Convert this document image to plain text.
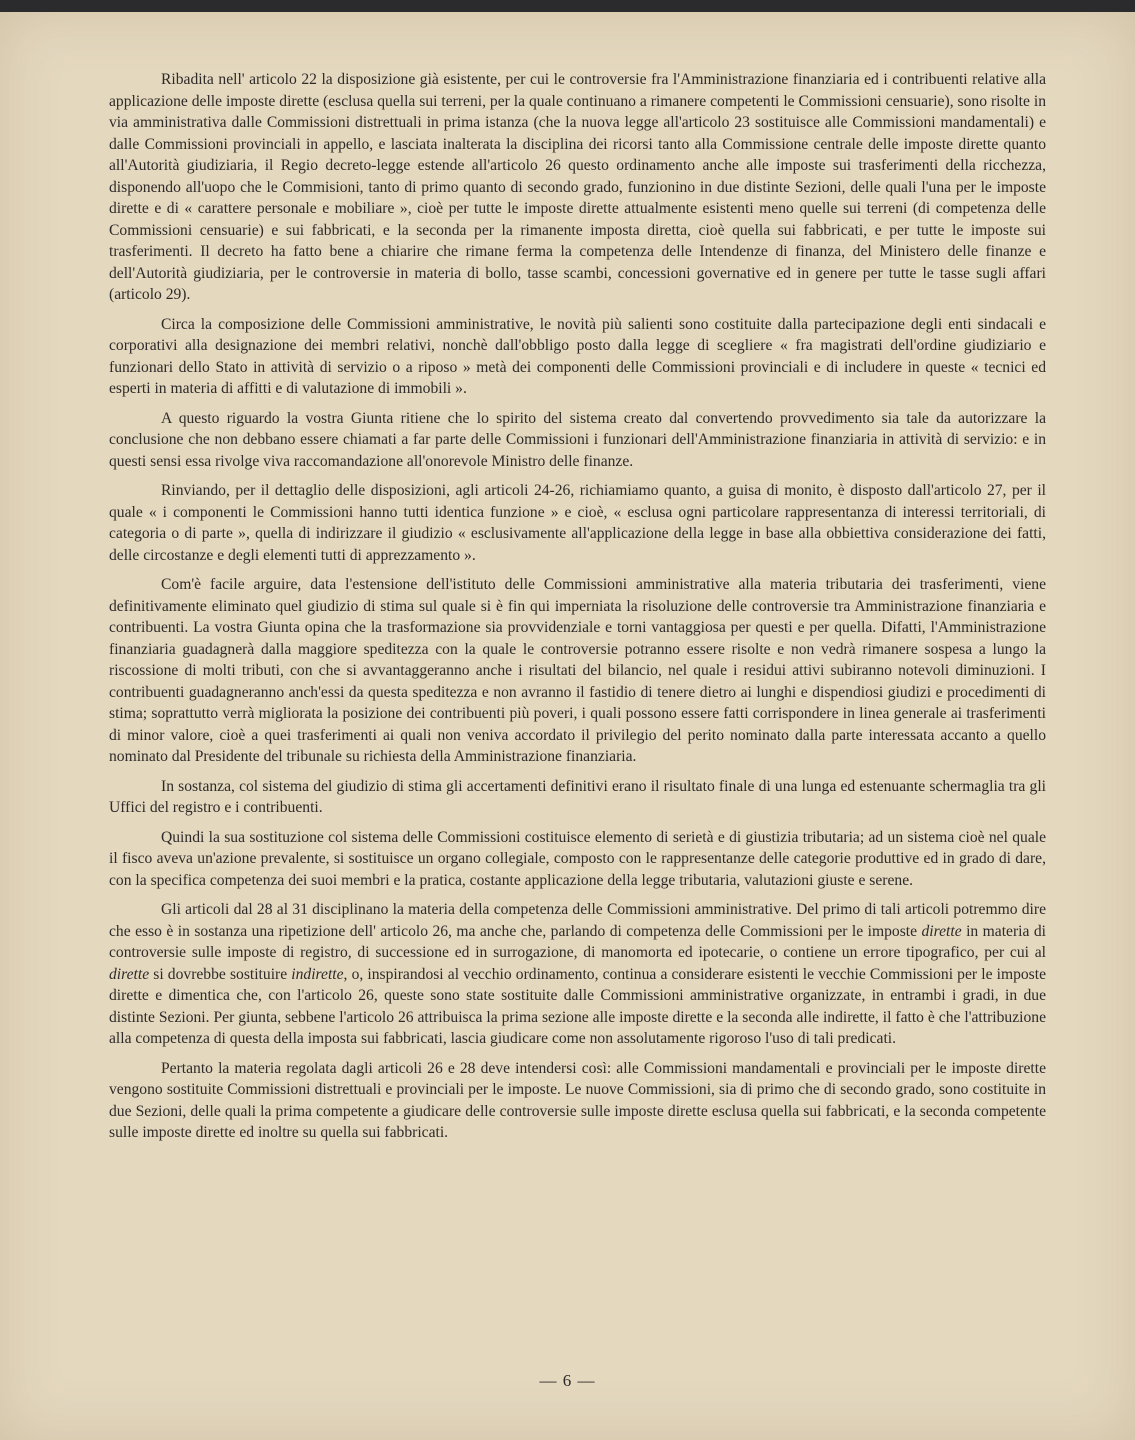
Ribadita nell' articolo 22 la disposizione già esistente, per cui le controversie fra l'Amministrazione finanziaria ed i contribuenti relative alla applicazione delle imposte dirette (esclusa quella sui terreni, per la quale continuano a rimanere competenti le Commissioni censuarie), sono risolte in via amministrativa dalle Commissioni distrettuali in prima istanza (che la nuova legge all'articolo 23 sostituisce alle Commissioni mandamentali) e dalle Commissioni provinciali in appello, e lasciata inalterata la disciplina dei ricorsi tanto alla Commissione centrale delle imposte dirette quanto all'Autorità giudiziaria, il Regio decreto-legge estende all'articolo 26 questo ordinamento anche alle imposte sui trasferimenti della ricchezza, disponendo all'uopo che le Commisioni, tanto di primo quanto di secondo grado, funzionino in due distinte Sezioni, delle quali l'una per le imposte dirette e di « carattere personale e mobiliare », cioè per tutte le imposte dirette attualmente esistenti meno quelle sui terreni (di competenza delle Commissioni censuarie) e sui fabbricati, e la seconda per la rimanente imposta diretta, cioè quella sui fabbricati, e per tutte le imposte sui trasferimenti. Il decreto ha fatto bene a chiarire che rimane ferma la competenza delle Intendenze di finanza, del Ministero delle finanze e dell'Autorità giudiziaria, per le controversie in materia di bollo, tasse scambi, concessioni governative ed in genere per tutte le tasse sugli affari (articolo 29).

Circa la composizione delle Commissioni amministrative, le novità più salienti sono costituite dalla partecipazione degli enti sindacali e corporativi alla designazione dei membri relativi, nonchè dall'obbligo posto dalla legge di scegliere « fra magistrati dell'ordine giudiziario e funzionari dello Stato in attività di servizio o a riposo » metà dei componenti delle Commissioni provinciali e di includere in queste « tecnici ed esperti in materia di affitti e di valutazione di immobili ».

A questo riguardo la vostra Giunta ritiene che lo spirito del sistema creato dal convertendo provvedimento sia tale da autorizzare la conclusione che non debbano essere chiamati a far parte delle Commissioni i funzionari dell'Amministrazione finanziaria in attività di servizio: e in questi sensi essa rivolge viva raccomandazione all'onorevole Ministro delle finanze.

Rinviando, per il dettaglio delle disposizioni, agli articoli 24-26, richiamiamo quanto, a guisa di monito, è disposto dall'articolo 27, per il quale « i componenti le Commissioni hanno tutti identica funzione » e cioè, « esclusa ogni particolare rappresentanza di interessi territoriali, di categoria o di parte », quella di indirizzare il giudizio « esclusivamente all'applicazione della legge in base alla obbiettiva considerazione dei fatti, delle circostanze e degli elementi tutti di apprezzamento ».

Com'è facile arguire, data l'estensione dell'istituto delle Commissioni amministrative alla materia tributaria dei trasferimenti, viene definitivamente eliminato quel giudizio di stima sul quale si è fin qui imperniata la risoluzione delle controversie tra Amministrazione finanziaria e contribuenti. La vostra Giunta opina che la trasformazione sia provvidenziale e torni vantaggiosa per questi e per quella. Difatti, l'Amministrazione finanziaria guadagnerà dalla maggiore speditezza con la quale le controversie potranno essere risolte e non vedrà rimanere sospesa a lungo la riscossione di molti tributi, con che si avvantaggeranno anche i risultati del bilancio, nel quale i residui attivi subiranno notevoli diminuzioni. I contribuenti guadagneranno anch'essi da questa speditezza e non avranno il fastidio di tenere dietro ai lunghi e dispendiosi giudizi e procedimenti di stima; soprattutto verrà migliorata la posizione dei contribuenti più poveri, i quali possono essere fatti corrispondere in linea generale ai trasferimenti di minor valore, cioè a quei trasferimenti ai quali non veniva accordato il privilegio del perito nominato dalla parte interessata accanto a quello nominato dal Presidente del tribunale su richiesta della Amministrazione finanziaria.

In sostanza, col sistema del giudizio di stima gli accertamenti definitivi erano il risultato finale di una lunga ed estenuante schermaglia tra gli Uffici del registro e i contribuenti.

Quindi la sua sostituzione col sistema delle Commissioni costituisce elemento di serietà e di giustizia tributaria; ad un sistema cioè nel quale il fisco aveva un'azione prevalente, si sostituisce un organo collegiale, composto con le rappresentanze delle categorie produttive ed in grado di dare, con la specifica competenza dei suoi membri e la pratica, costante applicazione della legge tributaria, valutazioni giuste e serene.

Gli articoli dal 28 al 31 disciplinano la materia della competenza delle Commissioni amministrative. Del primo di tali articoli potremmo dire che esso è in sostanza una ripetizione dell' articolo 26, ma anche che, parlando di competenza delle Commissioni per le imposte dirette in materia di controversie sulle imposte di registro, di successione ed in surrogazione, di manomorta ed ipotecarie, o contiene un errore tipografico, per cui al dirette si dovrebbe sostituire indirette, o, inspirandosi al vecchio ordinamento, continua a considerare esistenti le vecchie Commissioni per le imposte dirette e dimentica che, con l'articolo 26, queste sono state sostituite dalle Commissioni amministrative organizzate, in entrambi i gradi, in due distinte Sezioni. Per giunta, sebbene l'articolo 26 attribuisca la prima sezione alle imposte dirette e la seconda alle indirette, il fatto è che l'attribuzione alla competenza di questa della imposta sui fabbricati, lascia giudicare come non assolutamente rigoroso l'uso di tali predicati.

Pertanto la materia regolata dagli articoli 26 e 28 deve intendersi così: alle Commissioni mandamentali e provinciali per le imposte dirette vengono sostituite Commissioni distrettuali e provinciali per le imposte. Le nuove Commissioni, sia di primo che di secondo grado, sono costituite in due Sezioni, delle quali la prima competente a giudicare delle controversie sulle imposte dirette esclusa quella sui fabbricati, e la seconda competente sulle imposte dirette ed inoltre su quella sui fabbricati.

— 6 —
